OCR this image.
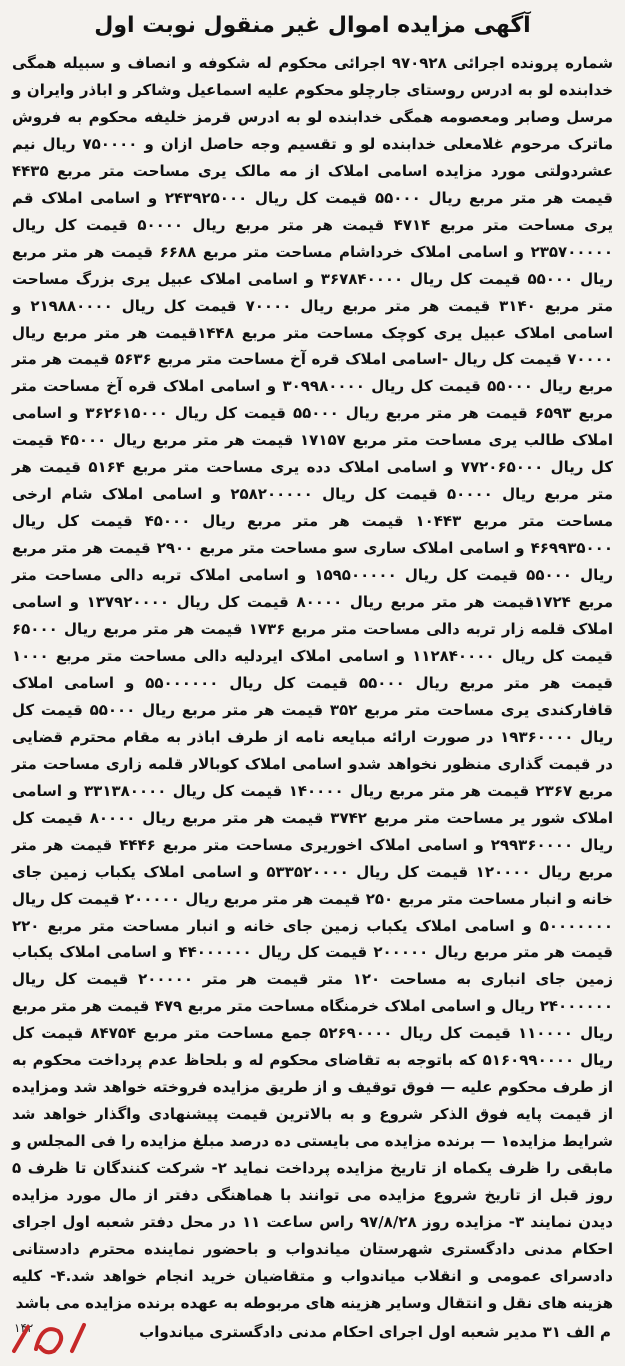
آگهی مزایده اموال غیر منقول نوبت اول

شماره پرونده اجرائی ۹۷۰۹۲۸ اجرائی محکوم له شکوفه و انصاف و سبیله همگی خدابنده لو به ادرس روستای جارچلو محکوم علیه اسماعیل وشاکر و اباذر وایران و مرسل وصابر ومعصومه همگی خدابنده لو به ادرس قرمز خلیفه محکوم به فروش ماترک مرحوم غلامعلی خدابنده لو و تقسیم وجه حاصل ازان و ۷۵۰۰۰۰ ریال نیم عشردولتی مورد مزایده اسامی املاک از مه مالک یری مساحت متر مربع ۴۴۳۵ قیمت هر متر مربع ریال ۵۵۰۰۰ قیمت کل ریال ۲۴۳۹۲۵۰۰۰ و اسامی املاک قم یری مساحت متر مربع ۴۷۱۴ قیمت هر متر مربع ریال ۵۰۰۰۰ قیمت کل ریال ۲۳۵۷۰۰۰۰۰ و اسامی املاک خرداشام مساحت متر مربع ۶۶۸۸ قیمت هر متر مربع ریال ۵۵۰۰۰ قیمت کل ریال ۳۶۷۸۴۰۰۰۰ و اسامی املاک عبیل یری بزرگ مساحت متر مربع ۳۱۴۰ قیمت هر متر مربع ریال ۷۰۰۰۰ قیمت کل ریال ۲۱۹۸۸۰۰۰۰ و اسامی املاک عبیل یری کوچک مساحت متر مربع ۱۴۴۸قیمت هر متر مربع ریال ۷۰۰۰۰ قیمت کل ریال -اسامی املاک قره آخ مساحت متر مربع ۵۶۳۶ قیمت هر متر مربع ریال ۵۵۰۰۰ قیمت کل ریال ۳۰۹۹۸۰۰۰۰ و اسامی املاک قره آخ مساحت متر مربع ۶۵۹۳ قیمت هر متر مربع ریال ۵۵۰۰۰ قیمت کل ریال ۳۶۲۶۱۵۰۰۰ و اسامی املاک طالب یری مساحت متر مربع ۱۷۱۵۷ قیمت هر متر مربع ریال ۴۵۰۰۰ قیمت کل ریال ۷۷۲۰۶۵۰۰۰ و اسامی املاک دده یری مساحت متر مربع ۵۱۶۴ قیمت هر متر مربع ریال ۵۰۰۰۰ قیمت کل ریال ۲۵۸۲۰۰۰۰۰ و اسامی املاک شام ارخی مساحت متر مربع ۱۰۴۴۳ قیمت هر متر مربع ریال ۴۵۰۰۰ قیمت کل ریال ۴۶۹۹۳۵۰۰۰ و اسامی املاک ساری سو مساحت متر مربع ۲۹۰۰ قیمت هر متر مربع ریال ۵۵۰۰۰ قیمت کل ریال ۱۵۹۵۰۰۰۰۰ و اسامی املاک تربه دالی مساحت متر مربع ۱۷۲۴قیمت هر متر مربع ریال ۸۰۰۰۰ قیمت کل ریال ۱۳۷۹۲۰۰۰۰ و اسامی املاک قلمه زار تربه دالی مساحت متر مربع ۱۷۳۶ قیمت هر متر مربع ریال ۶۵۰۰۰ قیمت کل ریال ۱۱۲۸۴۰۰۰۰ و اسامی املاک ایردلیه دالی مساحت متر مربع ۱۰۰۰ قیمت هر متر مربع ریال ۵۵۰۰۰ قیمت کل ریال ۵۵۰۰۰۰۰۰ و اسامی املاک قافارکندی یری مساحت متر مربع ۳۵۲ قیمت هر متر مربع ریال ۵۵۰۰۰ قیمت کل ریال ۱۹۳۶۰۰۰۰ در صورت ارائه مبایعه نامه از طرف اباذر به مقام محترم قضایی در قیمت گذاری منظور نخواهد شدو اسامی املاک کوبالار قلمه زاری مساحت متر مربع ۲۳۶۷ قیمت هر متر مربع ریال ۱۴۰۰۰۰ قیمت کل ریال ۳۳۱۳۸۰۰۰۰ و اسامی املاک شور یر مساحت متر مربع ۳۷۴۲ قیمت هر متر مربع ریال ۸۰۰۰۰ قیمت کل ریال ۲۹۹۳۶۰۰۰۰ و اسامی املاک اخوریری مساحت متر مربع ۴۴۴۶ قیمت هر متر مربع ریال ۱۲۰۰۰۰ قیمت کل ریال ۵۳۳۵۲۰۰۰۰ و اسامی املاک یکباب زمین جای خانه و انبار مساحت متر مربع ۲۵۰ قیمت هر متر مربع ریال ۲۰۰۰۰۰ قیمت کل ریال ۵۰۰۰۰۰۰۰ و اسامی املاک یکباب زمین جای خانه و انبار مساحت متر مربع ۲۲۰ قیمت هر متر مربع ریال ۲۰۰۰۰۰ قیمت کل ریال ۴۴۰۰۰۰۰۰ و اسامی املاک یکباب زمین جای انباری به مساحت ۱۲۰ متر قیمت هر متر ۲۰۰۰۰۰ قیمت کل ریال ۲۴۰۰۰۰۰۰ ریال و اسامی املاک خرمنگاه مساحت متر مربع ۴۷۹ قیمت هر متر مربع ریال ۱۱۰۰۰۰ قیمت کل ریال ۵۲۶۹۰۰۰۰ جمع مساحت متر مربع ۸۴۷۵۴ قیمت کل ریال ۵۱۶۰۹۹۰۰۰۰ که باتوجه به تقاضای محکوم له و بلحاظ عدم پرداخت محکوم به از طرف محکوم علیه — فوق توقیف و از طریق مزایده فروخته خواهد شد ومزایده از قیمت پایه فوق الذکر شروع و به بالاترین قیمت پیشنهادی واگذار خواهد شد شرایط مزایده۱ — برنده مزایده می بایستی ده درصد مبلغ مزایده را فی المجلس و مابقی را ظرف یکماه از تاریخ مزایده پرداخت نماید ۲- شرکت کنندگان تا ظرف ۵ روز قبل از تاریخ شروع مزایده می توانند با هماهنگی دفتر از مال مورد مزایده دیدن نمایند ۳- مزایده روز ۹۷/۸/۲۸ راس ساعت ۱۱ در محل دفتر شعبه اول اجرای احکام مدنی دادگستری شهرستان میاندواب و باحضور نماینده محترم دادستانی دادسرای عمومی و انقلاب میاندواب و متقاضیان خرید انجام خواهد شد.۴- کلیه هزینه های نقل و انتقال وسایر هزینه های مربوطه به عهده برنده مزایده می باشد

م الف ۳۱ مدیر شعبه اول اجرای احکام مدنی دادگستری میاندواب
۱۴۲
